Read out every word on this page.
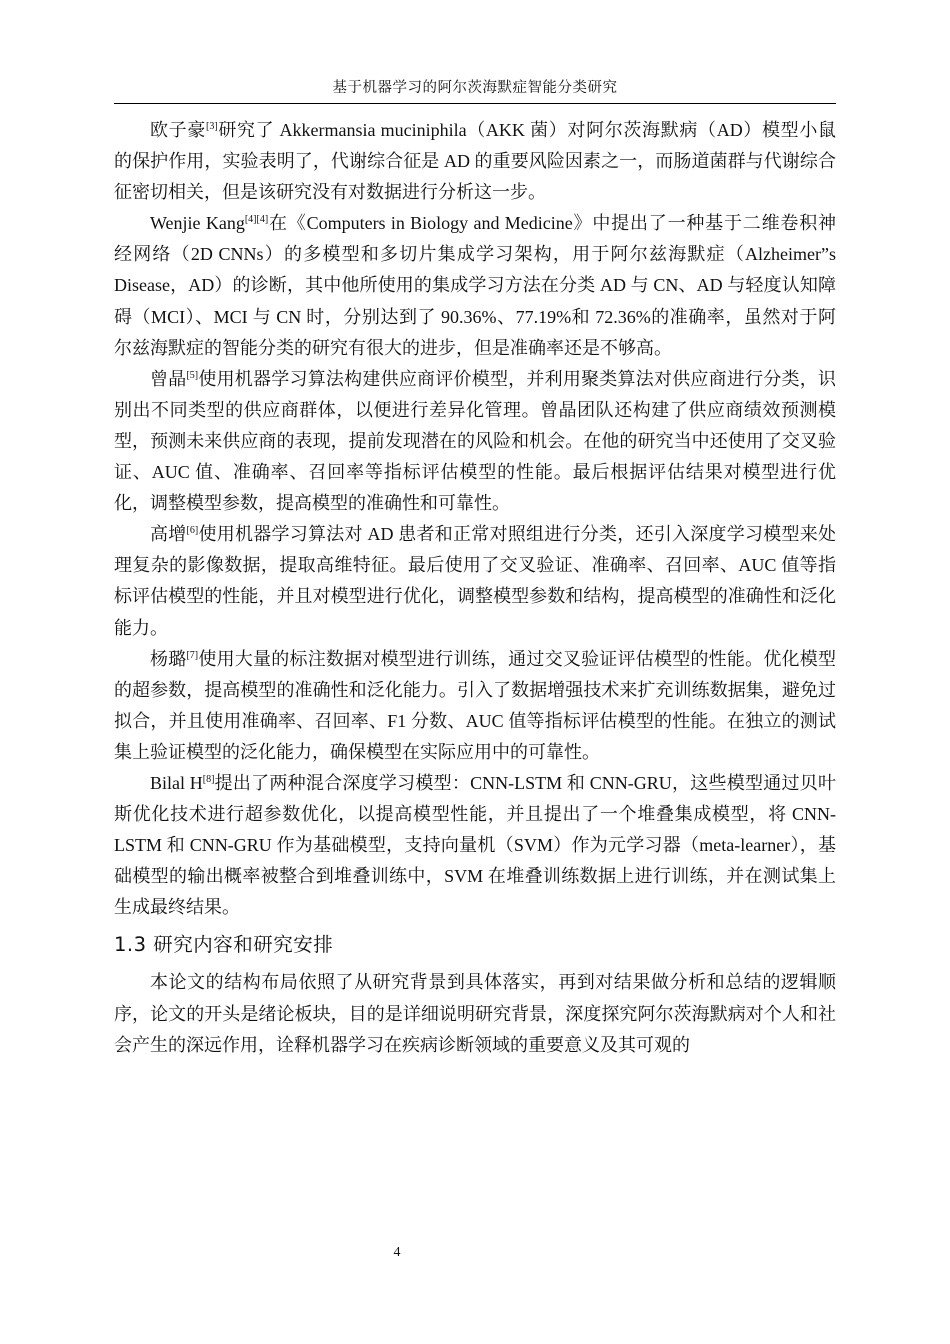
基于机器学习的阿尔茨海默症智能分类研究

欧子豪[3]研究了 Akkermansia muciniphila（AKK 菌）对阿尔茨海默病（AD）模型小鼠的保护作用，实验表明了，代谢综合征是 AD 的重要风险因素之一，而肠道菌群与代谢综合征密切相关，但是该研究没有对数据进行分析这一步。

Wenjie Kang[4][4]在《Computers in Biology and Medicine》中提出了一种基于二维卷积神经网络（2D CNNs）的多模型和多切片集成学习架构，用于阿尔兹海默症（Alzheimer”s Disease，AD）的诊断，其中他所使用的集成学习方法在分类 AD 与 CN、AD 与轻度认知障碍（MCI）、MCI 与 CN 时，分别达到了 90.36%、77.19%和 72.36%的准确率，虽然对于阿尔兹海默症的智能分类的研究有很大的进步，但是准确率还是不够高。

曾晶[5]使用机器学习算法构建供应商评价模型，并利用聚类算法对供应商进行分类，识别出不同类型的供应商群体，以便进行差异化管理。曾晶团队还构建了供应商绩效预测模型，预测未来供应商的表现，提前发现潜在的风险和机会。在他的研究当中还使用了交叉验证、AUC 值、准确率、召回率等指标评估模型的性能。最后根据评估结果对模型进行优化，调整模型参数，提高模型的准确性和可靠性。

高增[6]使用机器学习算法对 AD 患者和正常对照组进行分类，还引入深度学习模型来处理复杂的影像数据，提取高维特征。最后使用了交叉验证、准确率、召回率、AUC 值等指标评估模型的性能，并且对模型进行优化，调整模型参数和结构，提高模型的准确性和泛化能力。

杨璐[7]使用大量的标注数据对模型进行训练，通过交叉验证评估模型的性能。优化模型的超参数，提高模型的准确性和泛化能力。引入了数据增强技术来扩充训练数据集，避免过拟合，并且使用准确率、召回率、F1 分数、AUC 值等指标评估模型的性能。在独立的测试集上验证模型的泛化能力，确保模型在实际应用中的可靠性。

Bilal H[8]提出了两种混合深度学习模型：CNN-LSTM 和 CNN-GRU，这些模型通过贝叶斯优化技术进行超参数优化，以提高模型性能，并且提出了一个堆叠集成模型，将 CNN-LSTM 和 CNN-GRU 作为基础模型，支持向量机（SVM）作为元学习器（meta-learner），基础模型的输出概率被整合到堆叠训练中，SVM 在堆叠训练数据上进行训练，并在测试集上生成最终结果。

1.3 研究内容和研究安排

本论文的结构布局依照了从研究背景到具体落实，再到对结果做分析和总结的逻辑顺序，论文的开头是绪论板块，目的是详细说明研究背景，深度探究阿尔茨海默病对个人和社会产生的深远作用，诠释机器学习在疾病诊断领域的重要意义及其可观的

4
